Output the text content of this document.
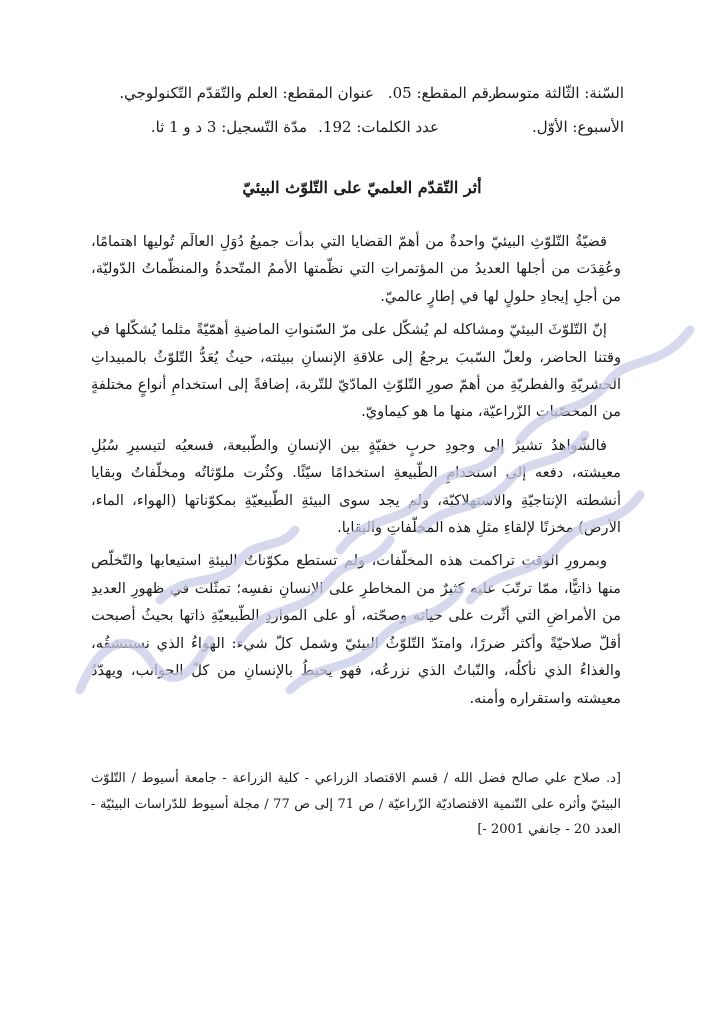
السّنة: الثّالثة متوسط.
رقم المقطع: 05.
عنوان المقطع: العلم والتّقدّم التّكنولوجي.
الأسبوع: الأوّل.
عدد الكلمات: 192.
مدّة التّسجيل: 3 د و 1 ثا.
أثر التّقدّم العلميّ على التّلوّث البيئيّ

قضيّةُ التّلوّثِ البيئيّ واحدةٌ من أهمّ القضايا التي بدأت جميعُ دُوَلِ العالَم تُوليها اهتمامًا، وعُقِدَت من أجلها العديدُ من المؤتمراتِ التي نظّمتها الأممُ المتّحدةُ والمنظّماتُ الدّوليّة، من أجلِ إيجادِ حلولٍ لها في إطارٍ عالميّ.

إنّ التّلوّثَ البيئيّ ومشاكله لم يُشكّل على مرّ السّنواتِ الماضيةِ أهمّيّةً مثلما يُشكّلها في وقتنا الحاضر، ولعلّ السّببَ يرجعُ إلى علاقةِ الإنسانِ ببيئته، حيثُ يُعَدُّ التّلوّثُ بالمبيداتِ الحشريّةِ والفطريّةِ من أهمّ صورِ التّلوّثِ المادّيّ للتّربة، إضافةً إلى استخدامِ أنواعٍ مختلفةٍ من المخصّباتِ الزّراعيّة، منها ما هو كيماويّ.

فالشّواهدُ تشيرُ إلى وجودِ حربٍ خفيّةٍ بين الإنسانِ والطّبيعة، فسعيُه لتيسيرِ سُبُلِ معيشته، دفعه إلى استخدامِ الطّبيعةِ استخدامًا سيّئًا. وكثُرت ملوّثاتُه ومخلّفاتُ وبقايا أنشطته الإنتاجيّةِ والاستهلاكيّة، ولم يجد سوى البيئةِ الطّبيعيّةِ بمكوّناتها (الهواء، الماء، الأرض) مخزنًا لإلقاءِ مثلِ هذه المخلّفاتِ والبقايا.

وبمرورِ الوقتِ تراكمت هذه المخلّفات، ولم تستطع مكوّناتُ البيئةِ استيعابها والتّخلّص منها ذاتيًّا، ممّا ترتّبَ عليه كثيرٌ من المخاطرِ على الإنسانِ نفسِه؛ تمثّلت في ظهورِ العديدِ من الأمراضِ التي أثّرت على حياته وصحّته، أو على المواردِ الطّبيعيّةِ ذاتها بحيثُ أصبحت أقلّ صلاحيّةً وأكثر ضررًا، وامتدّ التّلوّثُ البيئيّ وشمل كلّ شيء: الهواءُ الذي نستنشقُه، والغذاءُ الذي نأكلُه، والنّباتُ الذي نزرعُه، فهو يحيطُ بالإنسانِ من كلّ الجوانب، ويهدّدُ معيشته واستقراره وأمنه.

[د. صلاح علي صالح فضل الله / قسم الاقتصاد الزراعي - كلية الزراعة - جامعة أسيوط / التّلوّث البيئيّ وأثره على التّنمية الاقتصاديّة الزّراعيّة / ص 71 إلى ص 77 / مجلة أسيوط للدّراسات البيئيّة - العدد 20 - جانفي 2001 -]
